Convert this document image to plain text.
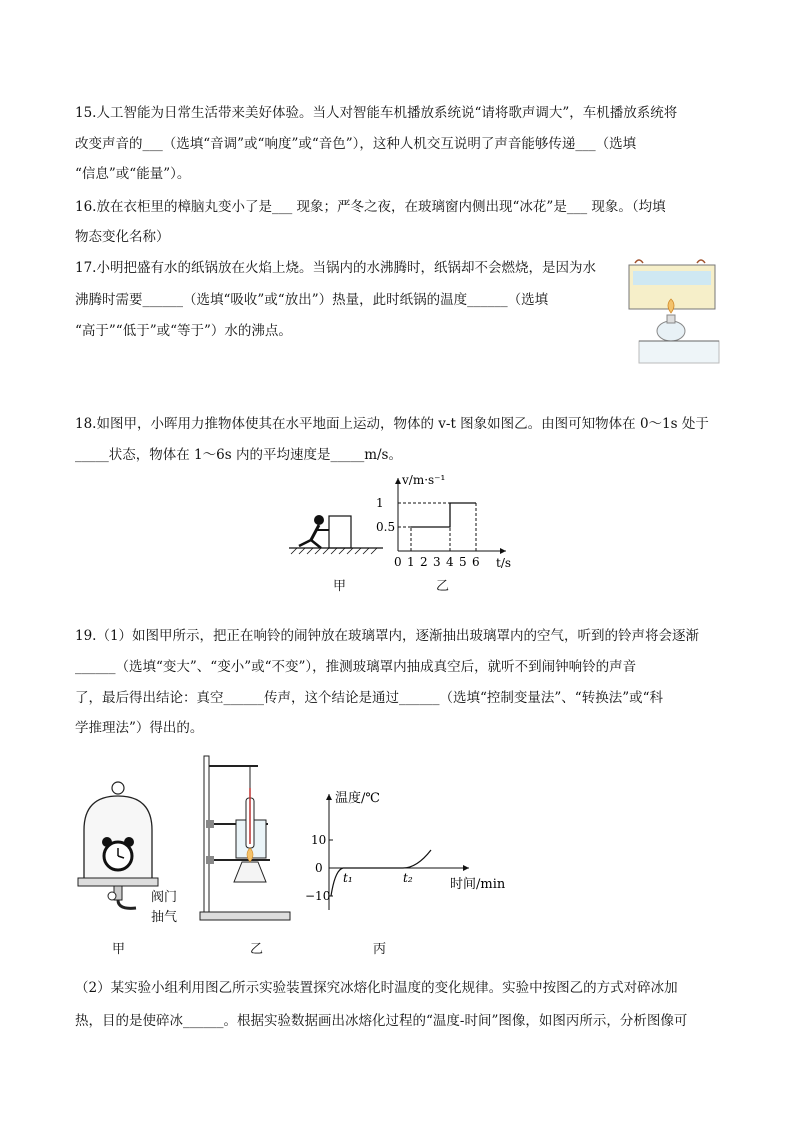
15.人工智能为日常生活带来美好体验。当人对智能车机播放系统说“请将歌声调大”，车机播放系统将
改变声音的___（选填“音调”或“响度”或“音色”），这种人机交互说明了声音能够传递___（选填
“信息”或“能量”）。
16.放在衣柜里的樟脑丸变小了是___ 现象；严冬之夜，在玻璃窗内侧出现“冰花”是___ 现象。（均填
物态变化名称）
17.小明把盛有水的纸锅放在火焰上烧。当锅内的水沸腾时，纸锅却不会燃烧，是因为水
沸腾时需要______（选填“吸收”或“放出”）热量，此时纸锅的温度______（选填
“高于”“低于”或“等于”）水的沸点。
18.如图甲，小晖用力推物体使其在水平地面上运动，物体的 v-t 图象如图乙。由图可知物体在 0～1s 处于
_____状态，物体在 1～6s 内的平均速度是_____m/s。
甲
v/m·s⁻¹
t/s
0 1 2 3 4 5 6
0.5
1
乙
19.（1）如图甲所示，把正在响铃的闹钟放在玻璃罩内，逐渐抽出玻璃罩内的空气，听到的铃声将会逐渐
______（选填“变大”、“变小”或“不变”），推测玻璃罩内抽成真空后，就听不到闹钟响铃的声音
了，最后得出结论：真空______传声，这个结论是通过______（选填“控制变量法”、“转换法”或“科
学推理法”）得出的。
阀门
抽气
甲	乙
温度/℃
时间/min
10
0
−10
t₁	t₂
丙
（2）某实验小组利用图乙所示实验装置探究冰熔化时温度的变化规律。实验中按图乙的方式对碎冰加
热，目的是使碎冰______。根据实验数据画出冰熔化过程的“温度-时间”图像，如图丙所示，分析图像可
